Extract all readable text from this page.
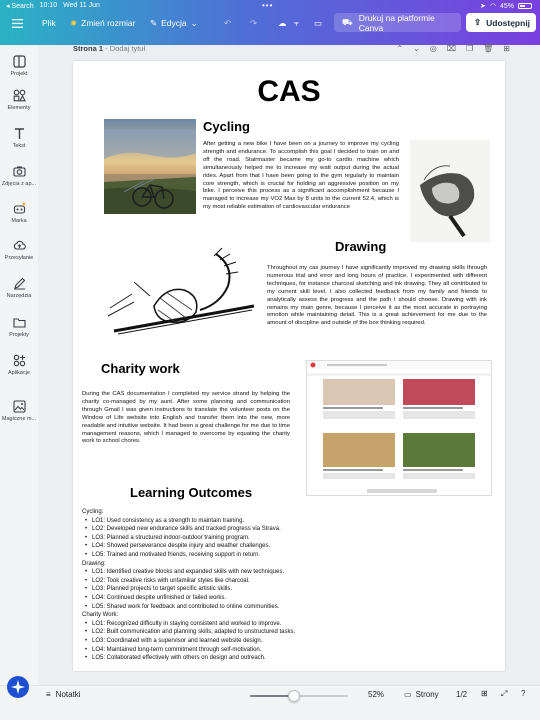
◂ Search 10:10 Wed 11 Jun	•••	➤ ◠ 45%
Plik ✸ Zmień rozmiar ✎ Edycja ⌄	↶ ↷ ☁ ⫧ ▭ ⛟ Drukuj na platformie Canva
⇪ Udostępnij
Projekt
Elementy
Tekst
Zdjęcia z ap...
Marka
Przesyłanie
Narzędzia
Projekty
Aplikacje
Magiczne m...
Strona 1 - Dodaj tytuł	⌃ ⌄ ◎ ⌧ ❐ 🗑︎ ⊞
CAS
Cycling
After getting a new bike I have been on a journey to improve my cycling strength and endurance. To accomplish this goal I decided to train on and off the road. Stairmaster became my go-to cardio machine which simultaneously helped me to increase my watt output during the actual rides. Apart from that I have been going to the gym regularly to maintain core strength, which is crucial for holding an aggressive position on my bike. I perceive this process as a significant accomplishment because I managed to increase my VO2 Max by 8 units to the current 52.4, which is my most reliable estimation of cardiovascular endurance
Drawing
Throughout my cas journey I have significantly improved my drawing skills through numerous trial and error and long hours of practice. I experimented with different techniques, for instance charcoal sketching and ink drawing. They all contributed to my current skill level. I also collected feedback from my family and friends to analytically assess the progress and the path I should choose. Drawing with ink remains my main genre, because I perceive it as the most accurate in portraying emotion while maintaining detail. This is a great achievement for me due to the amount of discipline and outside of the box thinking required.
Charity work
During the CAS documentation I completed my service strand by helping the charity co-managed by my aunt. After some planning and communication through Gmail I was given instructions to translate the volunteer posts on the Window of Life website into English and transfer them into the new, more readable and intuitive website. It had been a great challenge for me due to time management reasons, which I managed to overcome by equating the charity work to school chores.
Learning Outcomes
Cycling:
• LO1: Used consistency as a strength to maintain training.
• LO2: Developed new endurance skills and tracked progress via Strava.
• LO3: Planned a structured indoor-outdoor training program.
• LO4: Showed perseverance despite injury and weather challenges.
• LO5: Trained and motivated friends, receiving support in return.
Drawing:
• LO1: Identified creative blocks and expanded skills with new techniques.
• LO2: Took creative risks with unfamiliar styles like charcoal.
• LO3: Planned projects to target specific artistic skills.
• LO4: Continued despite unfinished or failed works.
• LO5: Shared work for feedback and contributed to online communities.
Charity Work:
• LO1: Recognized difficulty in staying consistent and worked to improve.
• LO2: Built communication and planning skills, adapted to unstructured tasks.
• LO3: Coordinated with a supervisor and learned website design.
• LO4: Maintained long-term commitment through self-motivation.
• LO5: Collaborated effectively with others on design and outreach.
≡ Notatki	52% ▭ Strony 1/2 ⊞ ⤢ ?
